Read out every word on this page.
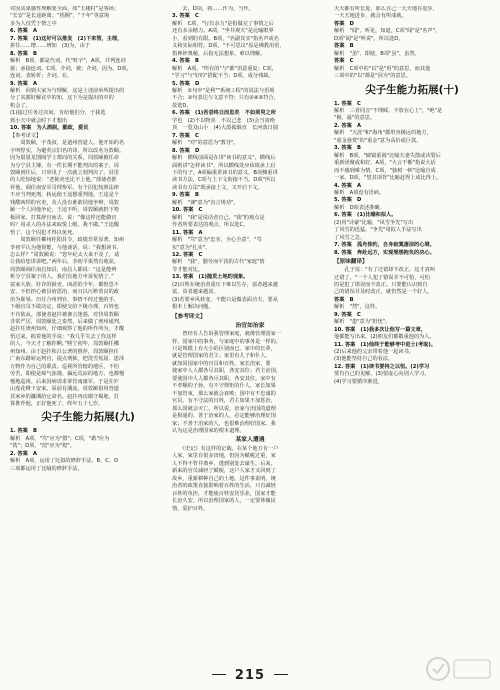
对因其果感性理解要全面，如“玉楼村”是客场；

“长安”是长途距离；“梧桐”，“千年”等意境

多为人仅凭于情之中

6. 答案　A

7. 答案　(1)这好可以推发　(2)下来管，主理，

拼往……增……辨知　(3)为，由于

8. 答案　B

解析　B项，都是代词，代"虹宇"，A项，并列连词

接；承接连词。C项，介词，被；介词，因为。D项，

连词，表转折；介词，在。

9. 答案　A

解析　回到大家为与理解，这是上述前举所提出的

分了其都好解议中的知，这下为是提出的中的

机会了。

(1)接过任务过次间，有给他们分，于我选

到小天中就会时下才想出

10. 答案　为人酒脱，勤政，爱民

【参考译文】

　　周敦颐，字茂叔，是道州营道人。他开始的名

字叫惇实，为避英宗旧名的讳，所以改名为敦颐。

因为舅舅龙图阁学士郑向的关系，周敦颐被任命

为分宁县主簿。有一件长期不能判决的案子，周

敦颐到任后，只审讯了一次就立刻判决了。县里

的人吃惊地说：“老狱吏也比不上他。”部使者推

荐他，调任南安军司理参军。有个囚犯按照法律

不应当判死刑，转运使王逵想重判他。王逵是个

残酷凶悍的官吏，众人没有谁敢同他争辩，周敦

颐一个人同他争论，王逵不听，周敦颐就扔下笏

板回家，打算辞官而去，说：“像这样还能做官

吗？用杀人的办法来取悦上级，我不做。”王逵醒

悟了，这个囚犯才得以免死。

　　周敦颐任郴州桂阳县令，政绩非常显著。知州

李初平认为他贤能，与他谈话，说：“我想读书，

怎么样？”周敦颐说：“您年纪太大来不及了，请

让我给您讲讲吧。”两年后，李初平果然有收获。

周敦颐调任南昌知县，南昌人都说：“这是能辨

析分宁县案子的人，我们有地方申诉冤情了。”

富家大族、奸诈的狱吏、凶恶的少年，都惶恐不

安，不但担心被县府惩治，而且以污秽善良的政

治为耻辱。历任合州判官，事情不经过他的手，

下级官员不敢决定，即使交给下级办理，百姓也

不肯依从。部使者赵抃被谗言迷惑，对待周敦颐

非常严厉，周敦颐处之泰然。后来做了虔州通判，

赵抃任虔州知州，仔细观察了他的所作所为，才醒

悟过来，握着他的手说：“我几乎失去了你这样

的人，今天才了解你啊。”熙宁初年，周敦颐任郴

州知州。由于赵抃和吕公著的推荐，周敦颐担任

广南东路转运判官，提点刑狱，把洗雪冤屈、恩泽

万物作为自己的职责。巡视所管辖的地区，不怕

劳苦，即使是瘴气弥漫、偏远荒凉的地方，也都慢

慢地巡视。后来因病请求掌管南康军。于是在庐

山莲花峰下安家。屋前有溪流，周敦颐借用营道

县家乡的濂溪给它命名。赵抃再次镇守蜀地，打

算推荐他，正好他死了，终年五十七岁。

尖子生能力拓展(九)

1. 答案　B

解析　A项，"笃"应为"罄"；C项，"跣"应为

"铣"；D项，"湟"应为"煌"。

2. 答案　A

解析　A项，运用了比拟的修辞手法。B、C、D

三项都运用了比喻的修辞手法。

　　去，D项，将……作为，当作。

3. 答案　C

解析　C项，"行有余力"是指做完了事情之后

还有多余精力。A项，"坐井观天"是比喻眼界

小，看到的有限。B项，"名副其实"指名声或名

义和实际相符。D项，"不可思议"原是佛教用语，

指神妙奥秘，后指无法想象，难以理解。

4. 答案　B

解析　A项，"所有的"与"都"语意重复；C项，

"学习"与"好的"搭配不当；D项，成分残缺。

5. 答案　D

解析　①句中"是利""系统工程"的说法与语境

不合；③句表达与文意不符；只有②④⑤符合，

故选D。

6. 答案　(1)吾尝终日而思矣　不如须臾之所

学也　(2)不以物喜　不以己悲　(3)会当凌绝

顶　一览众山小　(4)大漠孤烟直　长河落日圆

7. 答案　C

解析　"对"的意思为"教导"。

8. 答案　D

解析　横线前面是在讲"读书的意义"，横线后

面则讲"怎样读书"，所以横线处应该填承上启

下的句子。A项偏重讲读书的意义，B项侧重讲

读书方法，C项与上下文衔接不当。D项"所以

读书有方法"既承接上文，又开启下文。

9. 答案　B

解析　"谏"意为"直言规劝"。

10. 答案　C

解析　"我"是说话者自己，"我"的观点是

作者所要表达的观点，所以选C。

11. 答案　A

解析　"笃"意为"忠实，全心全意"，"笃

实"意为"扎实"。

12. 答案　C

解析　"我"，勤劳而平淡的古代"家庭"情

节才能对比。

13. 答案　(1)抛荒土地的现象。

(2)百姓在统治者重压下难以生存，富者越来越

富，贫者越来越贫。

(3)若要乡风转变，不能只是做表面功夫，要从

根本上解决问题。

【参考译文】
治官如治家

　　曾经有人告诉我管理家庭，就像管理国家一

样，国家中的事务，与家庭中的事务是一样的。

只是规模上有大小的区别而已。家中的长辈，

就是管理国家的君主；家里有儿子和仆人，

就如同国家中的官员和百姓。家长治家，要

使家中人人都各尽其职，各安其位；君主治国，

要使国中人人都各尽其职，各安其位。家中有

不孝顺的子孙，有不守规矩的仆人，家长如果

不加管束，那么家就会衰败；国中有不忠诚的

官员，有不守法的百姓，君主如果不加惩治，

那么国就会灭亡。所以说，治家与治国的道理

是相通的。善于治家的人，必定能够治理好国

家；不善于治家的人，也很难治理好国家。我

认为这是治理国家的根本道理。

某家人遭遇

　　《史记》有这样的记载，在某个地方有一户

人家，家里有很多田地，但因为赋税过重，家

人不得不背井离乡，逃到别处去谋生。后来，

新来的官员减轻了赋税，这户人家才又回到了

故乡，重新耕种自己的土地。这件事说明，统

治者的政策直接影响着百姓的生活，只有减轻

百姓的负担，才能使百姓安居乐业，国家才能

长治久安。所以治理国家的人，一定要体恤民

情，爱护百姓。

天天都有所长进，那么自己一天天地在进步，

一天天地进步，就会有所成就。

答案　D

解析　"闻"，听见，知道，C项"闻"是"名声"，

D项"闻"是"听说"，所以选D。

答案　B

解析　"虽"，即使，B项"虽"，虽然。

答案　C

解析　C项中的"以"是"用"的意思，而其他

三项中的"以"都是"因为"的意思。

尖子生能力拓展(十)

1. 答案　C

解析　三者同音"不理睬，不放在心上"，"绝"是

"极，最"的意思。

2. 答案　A

解析　"天涯"和"海角"都形容极远的地方，

"重金悬赏"的"重金"意为高价或巨款。

3. 答案　B

解析　B项，"破镜重圆"比喻夫妻失散或决裂后

重新团聚或和好。A项，"大言不惭"指说大话

而不感到难为情。C项，"独树一帜"比喻自成

一家。D项，"望其项背"比喻赶得上或比得上。

4. 答案　A

解析　A项没有语病。

5. 答案　D

解析　D项表述准确。

6. 答案　(1)比喻和拟人。

(2)用"诗豪"比喻，"风雪争先"写出

了风雪的迅猛，"争先"用拟人手法写出

了风雪之急。

7. 答案　孤舟独钓，自身寂寞凄凉的心境。

8. 答案　奔赴远方，实现理想抱负的决心。

【原味翻译】

　　孔子说："有了过错却不改正，这才真叫

过错了。"一个人犯了错误并不可怕，可怕

的是犯了错误而不改正。只要能认识到自

己的错误并及时改正，就仍然是一个好人。

答案　B

解析　"然"，这样。

9. 答案　C

解析　"患"意为"担忧"。

10. 答案　(1)我多次让他写一篇文章，

他都能写出来。(2)朋友们都敬重他的为人。

11. 答案　(1)他终于能够考中进士(考取)。

(2)后来他的父亲带着他一起读书。

(3)他能坚持自己的看法。

12. 答案　(1)读书要持之以恒。(2)学习

要有自己的见解。(3)要虚心向别人学习。

(4)学习要循序渐进。

215
